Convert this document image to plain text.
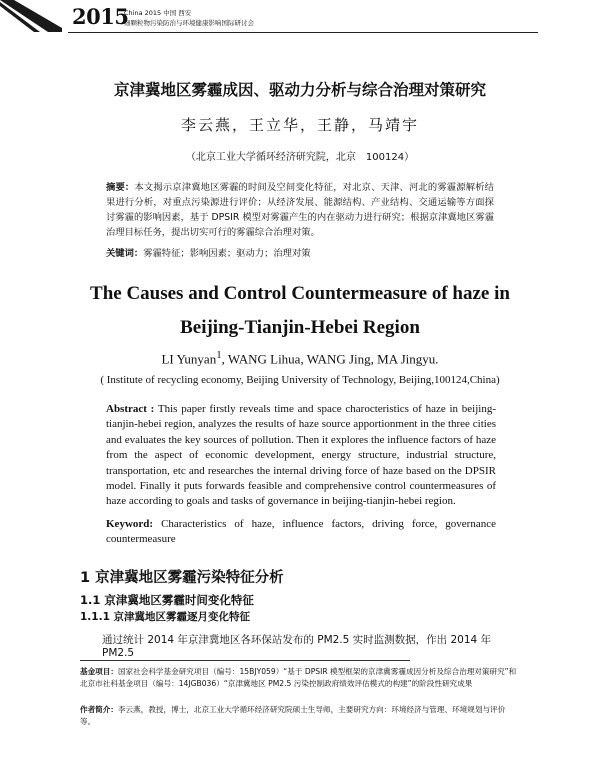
2015
China 2015 中国 西安
细颗粒物污染防治与环境健康影响国际研讨会
京津冀地区雾霾成因、驱动力分析与综合治理对策研究
李云燕，王立华，王静，马靖宇
（北京工业大学循环经济研究院，北京　100124）
摘要：本文揭示京津冀地区雾霾的时间及空间变化特征，对北京、天津、河北的雾霾源解析结果进行分析，对重点污染源进行评价；从经济发展、能源结构、产业结构、交通运输等方面探讨雾霾的影响因素，基于 DPSIR 模型对雾霾产生的内在驱动力进行研究；根据京津冀地区雾霾治理目标任务，提出切实可行的雾霾综合治理对策。
关键词：雾霾特征；影响因素；驱动力；治理对策
The Causes and Control Countermeasure of haze in
Beijing-Tianjin-Hebei Region
LI Yunyan$^1$, WANG Lihua, WANG Jing, MA Jingyu.
( Institute of recycling economy, Beijing University of Technology, Beijing,100124,China)
Abstract : This paper firstly reveals time and space charocteristics of haze in beijing-tianjin-hebei region, analyzes the results of haze source apportionment in the three cities and evaluates the key sources of pollution. Then it explores the influence factors of haze from the aspect of economic development, energy structure, industrial structure, transportation, etc and researches the internal driving force of haze based on the DPSIR model. Finally it puts forwards feasible and comprehensive control countermeasures of haze according to goals and tasks of governance in beijing-tianjin-hebei region.
Keyword: Characteristics of haze, influence factors, driving force, governance countermeasure
1 京津冀地区雾霾污染特征分析
1.1 京津冀地区雾霾时间变化特征
1.1.1 京津冀地区雾霾逐月变化特征
通过统计 2014 年京津冀地区各环保站发布的 PM2.5 实时监测数据，作出 2014 年 PM2.5
基金项目：国家社会科学基金研究项目（编号：15BJY059）“基于 DPSIR 模型框架的京津冀雾霾成因分析及综合治理对策研究”和北京市社科基金项目（编号：14JGB036）“京津冀地区 PM2.5 污染控制政府绩效评估模式的构建”的阶段性研究成果
作者简介：李云燕，教授，博士，北京工业大学循环经济研究院硕士生导师，主要研究方向：环境经济与管理、环境规划与评价等。
